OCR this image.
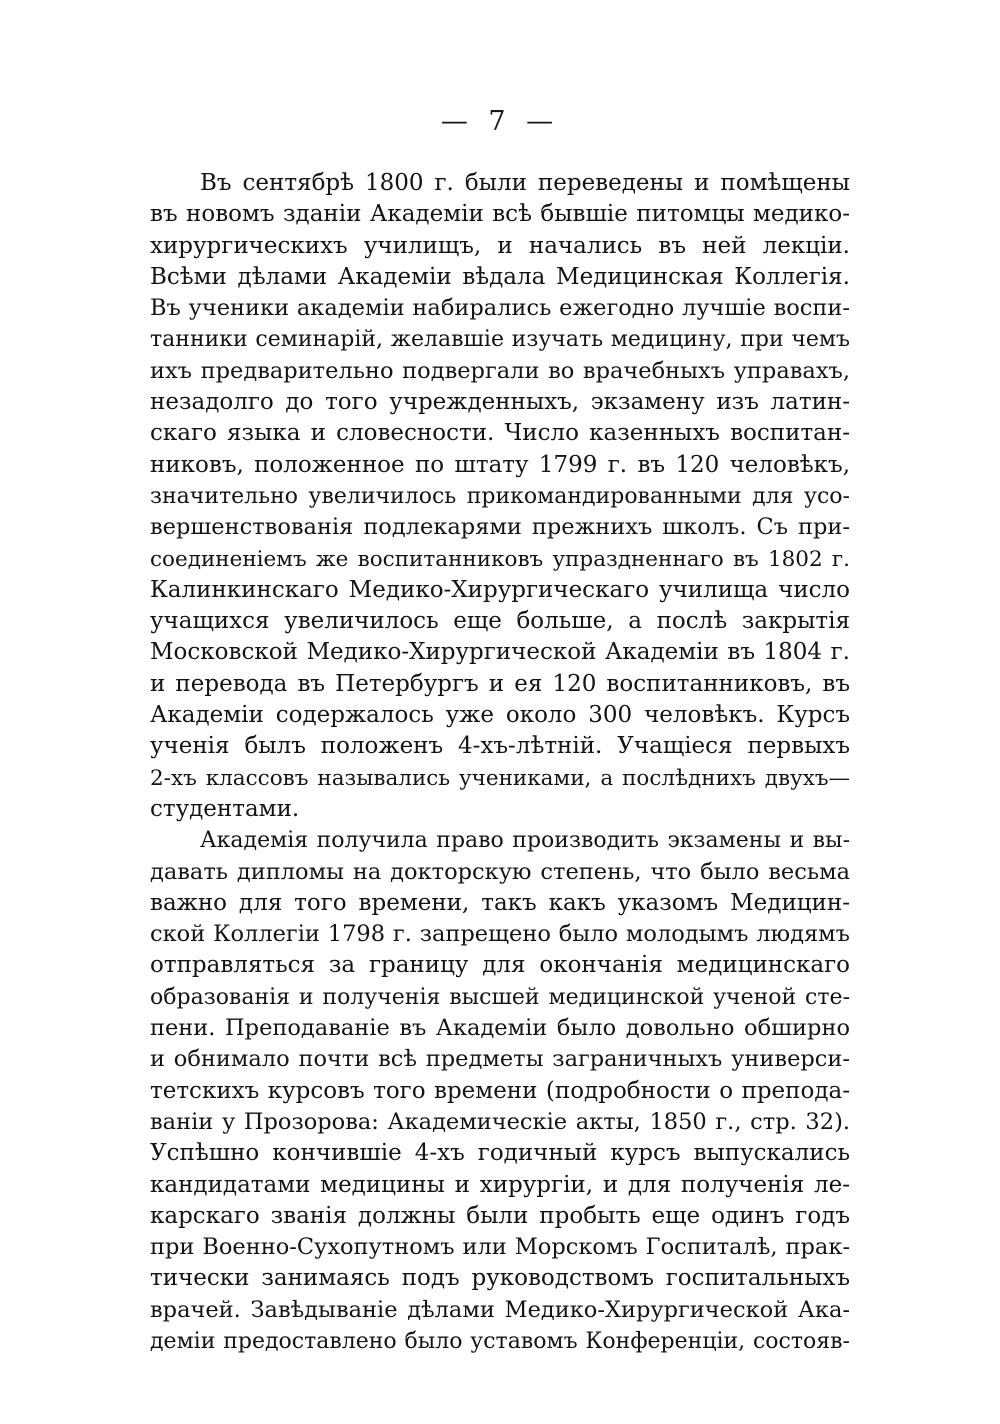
— 7 —
Въ сентябрѣ 1800 г. были переведены и помѣщены
въ новомъ зданіи Академіи всѣ бывшіе питомцы медико-
хирургическихъ училищъ, и начались въ ней лекціи.
Всѣми дѣлами Академіи вѣдала Медицинская Коллегія.
Въ ученики академіи набирались ежегодно лучшіе воспи-
танники семинарій, желавшіе изучать медицину, при чемъ
ихъ предварительно подвергали во врачебныхъ управахъ,
незадолго до того учрежденныхъ, экзамену изъ латин-
скаго языка и словесности. Число казенныхъ воспитан-
никовъ, положенное по штату 1799 г. въ 120 человѣкъ,
значительно увеличилось прикомандированными для усо-
вершенствованія подлекарями прежнихъ школъ. Съ при-
соединеніемъ же воспитанниковъ упраздненнаго въ 1802 г.
Калинкинскаго Медико-Хирургическаго училища число
учащихся увеличилось еще больше, а послѣ закрытія
Московской Медико-Хирургической Академіи въ 1804 г.
и перевода въ Петербургъ и ея 120 воспитанниковъ, въ
Академіи содержалось уже около 300 человѣкъ. Курсъ
ученія былъ положенъ 4-хъ-лѣтній. Учащіеся первыхъ
2-хъ классовъ назывались учениками, а послѣднихъ двухъ—
студентами.
Академія получила право производить экзамены и вы-
давать дипломы на докторскую степень, что было весьма
важно для того времени, такъ какъ указомъ Медицин-
ской Коллегіи 1798 г. запрещено было молодымъ людямъ
отправляться за границу для окончанія медицинскаго
образованія и полученія высшей медицинской ученой сте-
пени. Преподаваніе въ Академіи было довольно обширно
и обнимало почти всѣ предметы заграничныхъ универси-
тетскихъ курсовъ того времени (подробности о препода-
ваніи у Прозорова: Академическіе акты, 1850 г., стр. 32).
Успѣшно кончившіе 4-хъ годичный курсъ выпускались
кандидатами медицины и хирургіи, и для полученія ле-
карскаго званія должны были пробыть еще одинъ годъ
при Военно-Сухопутномъ или Морскомъ Госпиталѣ, прак-
тически занимаясь подъ руководствомъ госпитальныхъ
врачей. Завѣдываніе дѣлами Медико-Хирургической Ака-
деміи предоставлено было уставомъ Конференціи, состояв-
